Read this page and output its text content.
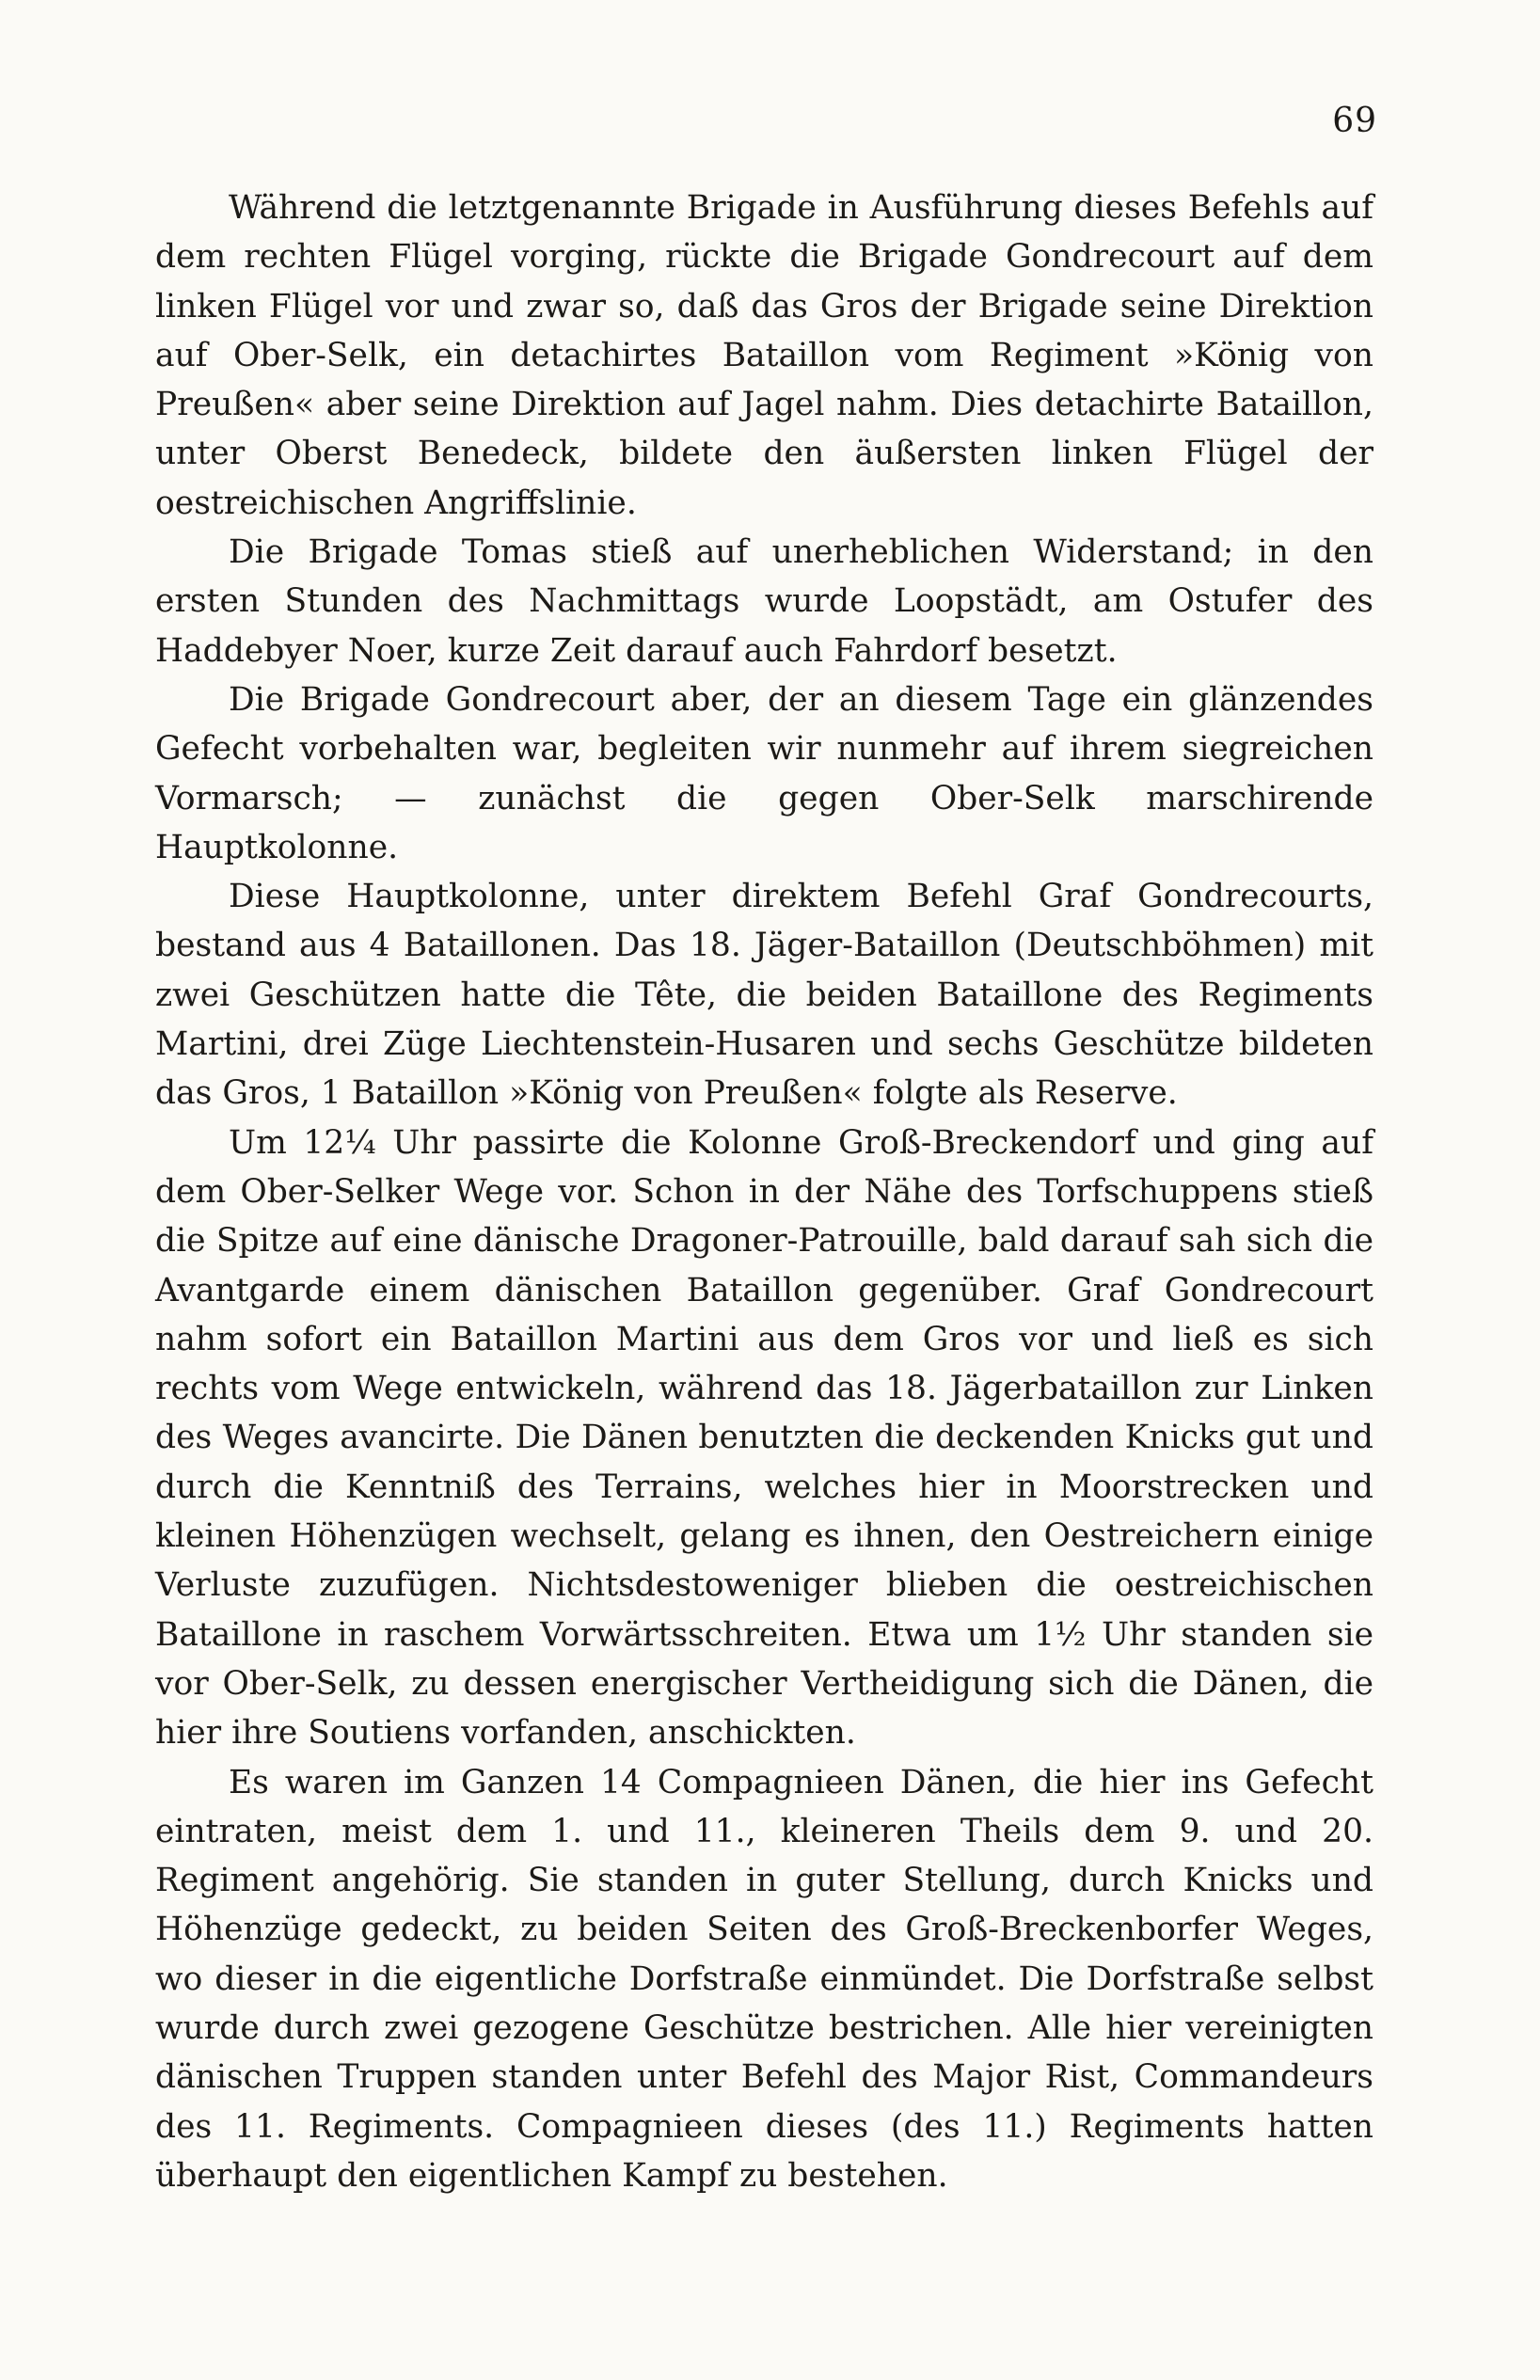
69

Während die letztgenannte Brigade in Ausführung dieses Befehls auf dem rechten Flügel vorging, rückte die Brigade Gondrecourt auf dem linken Flügel vor und zwar so, daß das Gros der Brigade seine Direktion auf Ober-Selk, ein detachirtes Bataillon vom Regiment »König von Preußen« aber seine Direktion auf Jagel nahm. Dies detachirte Bataillon, unter Oberst Benedeck, bildete den äußersten linken Flügel der oestreichischen Angriffslinie.

Die Brigade Tomas stieß auf unerheblichen Widerstand; in den ersten Stunden des Nachmittags wurde Loopstädt, am Ostufer des Haddebyer Noer, kurze Zeit darauf auch Fahrdorf besetzt.

Die Brigade Gondrecourt aber, der an diesem Tage ein glänzendes Gefecht vorbehalten war, begleiten wir nunmehr auf ihrem siegreichen Vormarsch; — zunächst die gegen Ober-Selk marschirende Hauptkolonne.

Diese Hauptkolonne, unter direktem Befehl Graf Gondrecourts, bestand aus 4 Bataillonen. Das 18. Jäger-Bataillon (Deutschböhmen) mit zwei Geschützen hatte die Tête, die beiden Bataillone des Regiments Martini, drei Züge Liechtenstein-Husaren und sechs Geschütze bildeten das Gros, 1 Bataillon »König von Preußen« folgte als Reserve.

Um 12¼ Uhr passirte die Kolonne Groß-Breckendorf und ging auf dem Ober-Selker Wege vor. Schon in der Nähe des Torfschuppens stieß die Spitze auf eine dänische Dragoner-Patrouille, bald darauf sah sich die Avantgarde einem dänischen Bataillon gegenüber. Graf Gondrecourt nahm sofort ein Bataillon Martini aus dem Gros vor und ließ es sich rechts vom Wege entwickeln, während das 18. Jägerbataillon zur Linken des Weges avancirte. Die Dänen benutzten die deckenden Knicks gut und durch die Kenntniß des Terrains, welches hier in Moorstrecken und kleinen Höhenzügen wechselt, gelang es ihnen, den Oestreichern einige Verluste zuzufügen. Nichtsdestoweniger blieben die oestreichischen Bataillone in raschem Vorwärtsschreiten. Etwa um 1½ Uhr standen sie vor Ober-Selk, zu dessen energischer Vertheidigung sich die Dänen, die hier ihre Soutiens vorfanden, anschickten.

Es waren im Ganzen 14 Compagnieen Dänen, die hier ins Gefecht eintraten, meist dem 1. und 11., kleineren Theils dem 9. und 20. Regiment angehörig. Sie standen in guter Stellung, durch Knicks und Höhenzüge gedeckt, zu beiden Seiten des Groß-Breckenborfer Weges, wo dieser in die eigentliche Dorfstraße einmündet. Die Dorfstraße selbst wurde durch zwei gezogene Geschütze bestrichen. Alle hier vereinigten dänischen Truppen standen unter Befehl des Major Rist, Commandeurs des 11. Regiments. Compagnieen dieses (des 11.) Regiments hatten überhaupt den eigentlichen Kampf zu bestehen.
